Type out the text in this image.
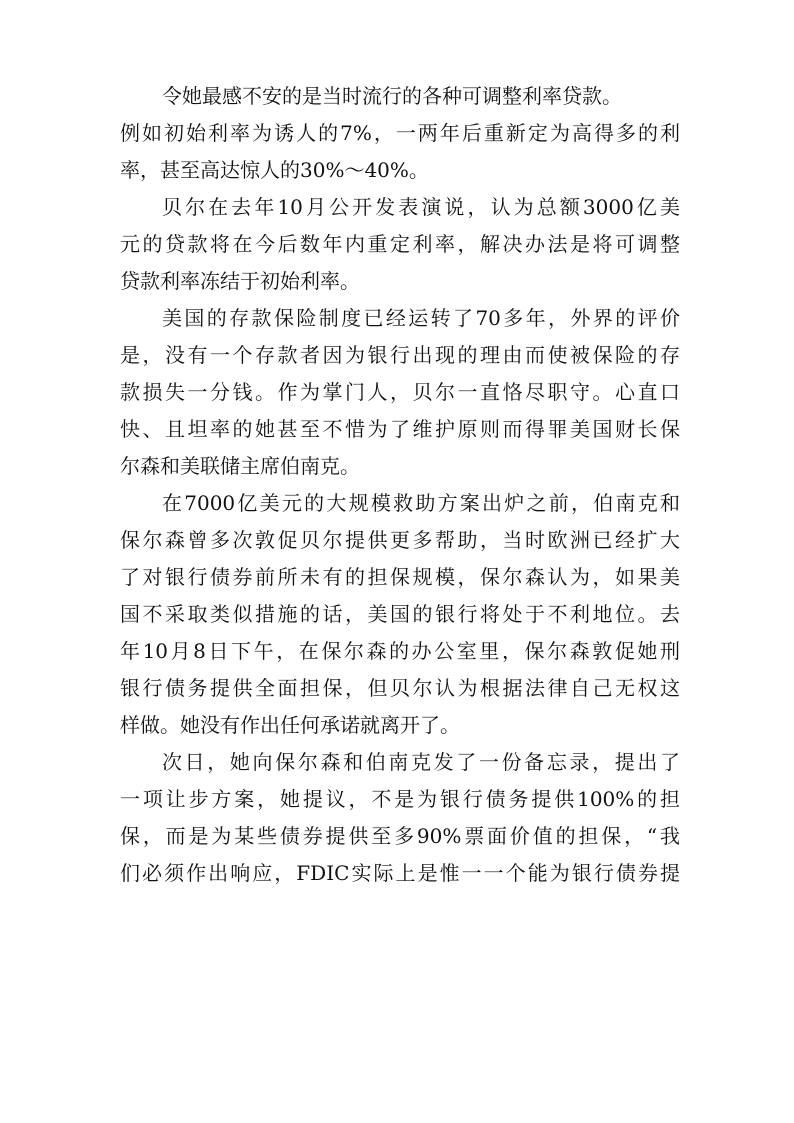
令她最感不安的是当时流行的各种可调整利率贷款。
例如初始利率为诱人的7%，一两年后重新定为高得多的利
率，甚至高达惊人的30%～40%。
贝尔在去年10月公开发表演说，认为总额3000亿美
元的贷款将在今后数年内重定利率，解决办法是将可调整
贷款利率冻结于初始利率。
美国的存款保险制度已经运转了70多年，外界的评价
是，没有一个存款者因为银行出现的理由而使被保险的存
款损失一分钱。作为掌门人，贝尔一直恪尽职守。心直口
快、且坦率的她甚至不惜为了维护原则而得罪美国财长保
尔森和美联储主席伯南克。
在7000亿美元的大规模救助方案出炉之前，伯南克和
保尔森曾多次敦促贝尔提供更多帮助，当时欧洲已经扩大
了对银行债券前所未有的担保规模，保尔森认为，如果美
国不采取类似措施的话，美国的银行将处于不利地位。去
年10月8日下午，在保尔森的办公室里，保尔森敦促她刑
银行债务提供全面担保，但贝尔认为根据法律自己无权这
样做。她没有作出任何承诺就离开了。
次日，她向保尔森和伯南克发了一份备忘录，提出了
一项让步方案，她提议，不是为银行债务提供100%的担
保，而是为某些债券提供至多90%票面价值的担保，“我
们必须作出响应，FDIC实际上是惟一一个能为银行债券提
